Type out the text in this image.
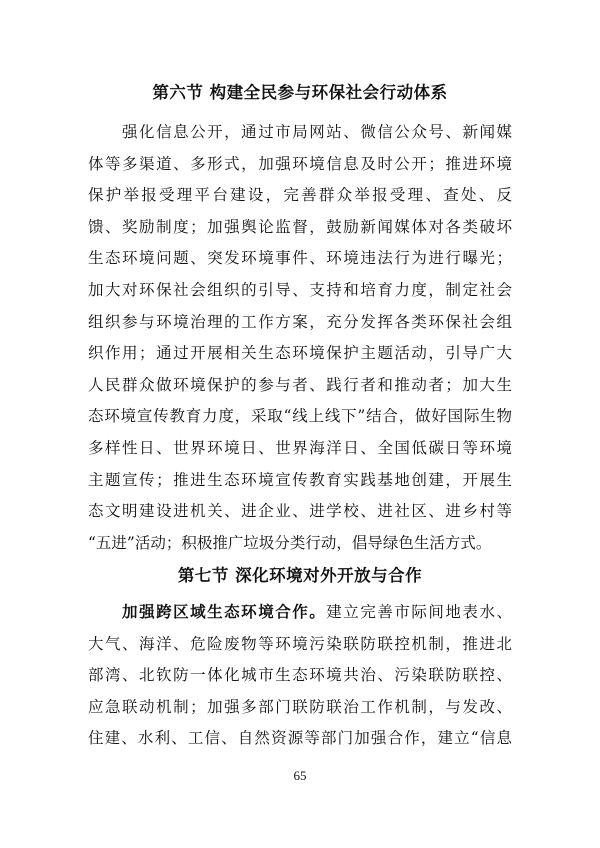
第六节 构建全民参与环保社会行动体系
　　强化信息公开，通过市局网站、微信公众号、新闻媒
体等多渠道、多形式，加强环境信息及时公开；推进环境
保护举报受理平台建设，完善群众举报受理、查处、反
馈、奖励制度；加强舆论监督，鼓励新闻媒体对各类破坏
生态环境问题、突发环境事件、环境违法行为进行曝光；
加大对环保社会组织的引导、支持和培育力度，制定社会
组织参与环境治理的工作方案，充分发挥各类环保社会组
织作用；通过开展相关生态环境保护主题活动，引导广大
人民群众做环境保护的参与者、践行者和推动者；加大生
态环境宣传教育力度，采取“线上线下”结合，做好国际生物
多样性日、世界环境日、世界海洋日、全国低碳日等环境
主题宣传；推进生态环境宣传教育实践基地创建，开展生
态文明建设进机关、进企业、进学校、进社区、进乡村等
“五进”活动；积极推广垃圾分类行动，倡导绿色生活方式。
第七节 深化环境对外开放与合作
　　加强跨区域生态环境合作。建立完善市际间地表水、
大气、海洋、危险废物等环境污染联防联控机制，推进北
部湾、北钦防一体化城市生态环境共治、污染联防联控、
应急联动机制；加强多部门联防联治工作机制，与发改、
住建、水利、工信、自然资源等部门加强合作，建立“信息
65
